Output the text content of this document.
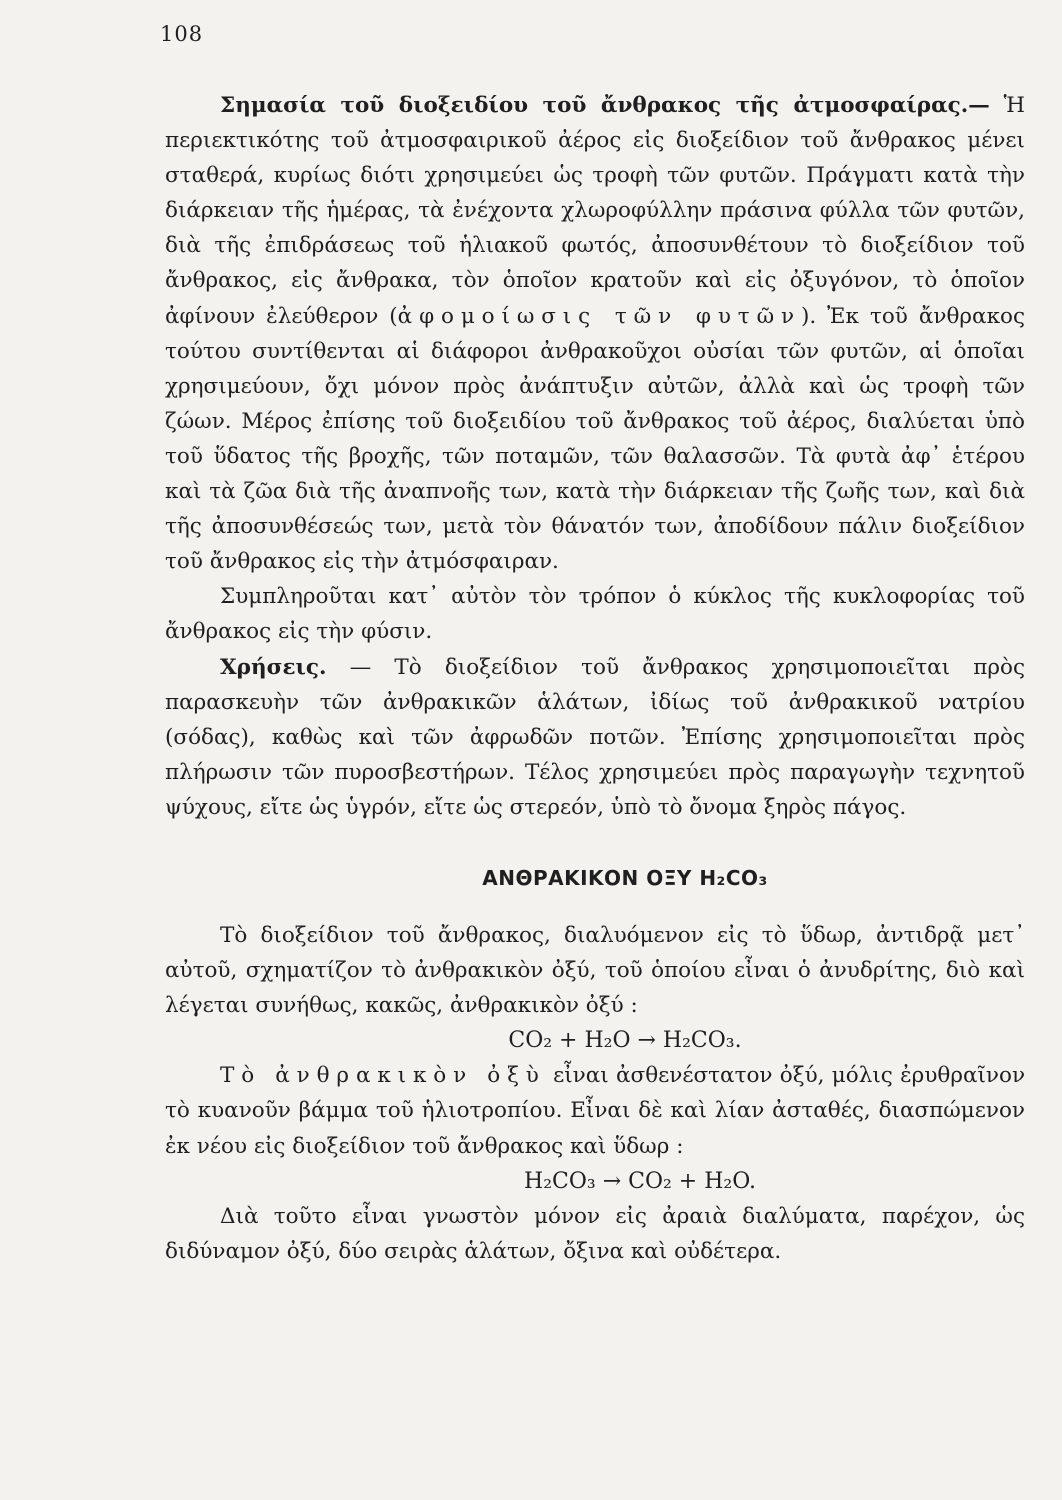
108

Σημασία τοῦ διοξειδίου τοῦ ἄνθρακος τῆς ἀτμοσφαίρας.— Ἡ περιεκτικότης τοῦ ἀτμοσφαιρικοῦ ἀέρος εἰς διοξείδιον τοῦ ἄνθρακος μένει σταθερά, κυρίως διότι χρησιμεύει ὡς τροφὴ τῶν φυτῶν. Πράγματι κατὰ τὴν διάρκειαν τῆς ἡμέρας, τὰ ἐνέχοντα χλωροφύλλην πράσινα φύλλα τῶν φυτῶν, διὰ τῆς ἐπιδράσεως τοῦ ἡλιακοῦ φωτός, ἀποσυνθέτουν τὸ διοξείδιον τοῦ ἄνθρακος, εἰς ἄνθρακα, τὸν ὁποῖον κρατοῦν καὶ εἰς ὀξυγόνον, τὸ ὁποῖον ἀφίνουν ἐλεύθερον (ἀφομοίωσις τῶν φυτῶν). Ἐκ τοῦ ἄνθρακος τούτου συντίθενται αἱ διάφοροι ἀνθρακοῦχοι οὐσίαι τῶν φυτῶν, αἱ ὁποῖαι χρησιμεύουν, ὄχι μόνον πρὸς ἀνάπτυξιν αὐτῶν, ἀλλὰ καὶ ὡς τροφὴ τῶν ζώων. Μέρος ἐπίσης τοῦ διοξειδίου τοῦ ἄνθρακος τοῦ ἀέρος, διαλύεται ὑπὸ τοῦ ὕδατος τῆς βροχῆς, τῶν ποταμῶν, τῶν θαλασσῶν. Τὰ φυτὰ ἀφ᾽ ἑτέρου καὶ τὰ ζῶα διὰ τῆς ἀναπνοῆς των, κατὰ τὴν διάρκειαν τῆς ζωῆς των, καὶ διὰ τῆς ἀποσυνθέσεώς των, μετὰ τὸν θάνατόν των, ἀποδίδουν πάλιν διοξείδιον τοῦ ἄνθρακος εἰς τὴν ἀτμόσφαιραν.

Συμπληροῦται κατ᾽ αὐτὸν τὸν τρόπον ὁ κύκλος τῆς κυκλοφορίας τοῦ ἄνθρακος εἰς τὴν φύσιν.

Χρήσεις. — Τὸ διοξείδιον τοῦ ἄνθρακος χρησιμοποιεῖται πρὸς παρασκευὴν τῶν ἀνθρακικῶν ἁλάτων, ἰδίως τοῦ ἀνθρακικοῦ νατρίου (σόδας), καθὼς καὶ τῶν ἀφρωδῶν ποτῶν. Ἐπίσης χρησιμοποιεῖται πρὸς πλήρωσιν τῶν πυροσβεστήρων. Τέλος χρησιμεύει πρὸς παραγωγὴν τεχνητοῦ ψύχους, εἴτε ὡς ὑγρόν, εἴτε ὡς στερεόν, ὑπὸ τὸ ὄνομα ξηρὸς πάγος.

ΑΝΘΡΑΚΙΚΟΝ ΟΞΥ H₂CO₃

Τὸ διοξείδιον τοῦ ἄνθρακος, διαλυόμενον εἰς τὸ ὕδωρ, ἀντιδρᾷ μετ᾽ αὐτοῦ, σχηματίζον τὸ ἀνθρακικὸν ὀξύ, τοῦ ὁποίου εἶναι ὁ ἀνυδρίτης, διὸ καὶ λέγεται συνήθως, κακῶς, ἀνθρακικὸν ὀξύ :

CO₂ + H₂O → H₂CO₃.

Τὸ ἀνθρακικὸν ὀξὺ εἶναι ἀσθενέστατον ὀξύ, μόλις ἐρυθραῖνον τὸ κυανοῦν βάμμα τοῦ ἡλιοτροπίου. Εἶναι δὲ καὶ λίαν ἀσταθές, διασπώμενον ἐκ νέου εἰς διοξείδιον τοῦ ἄνθρακος καὶ ὕδωρ :

H₂CO₃ → CO₂ + H₂O.

Διὰ τοῦτο εἶναι γνωστὸν μόνον εἰς ἀραιὰ διαλύματα, παρέχον, ὡς διδύναμον ὀξύ, δύο σειρὰς ἁλάτων, ὄξινα καὶ οὐδέτερα.
